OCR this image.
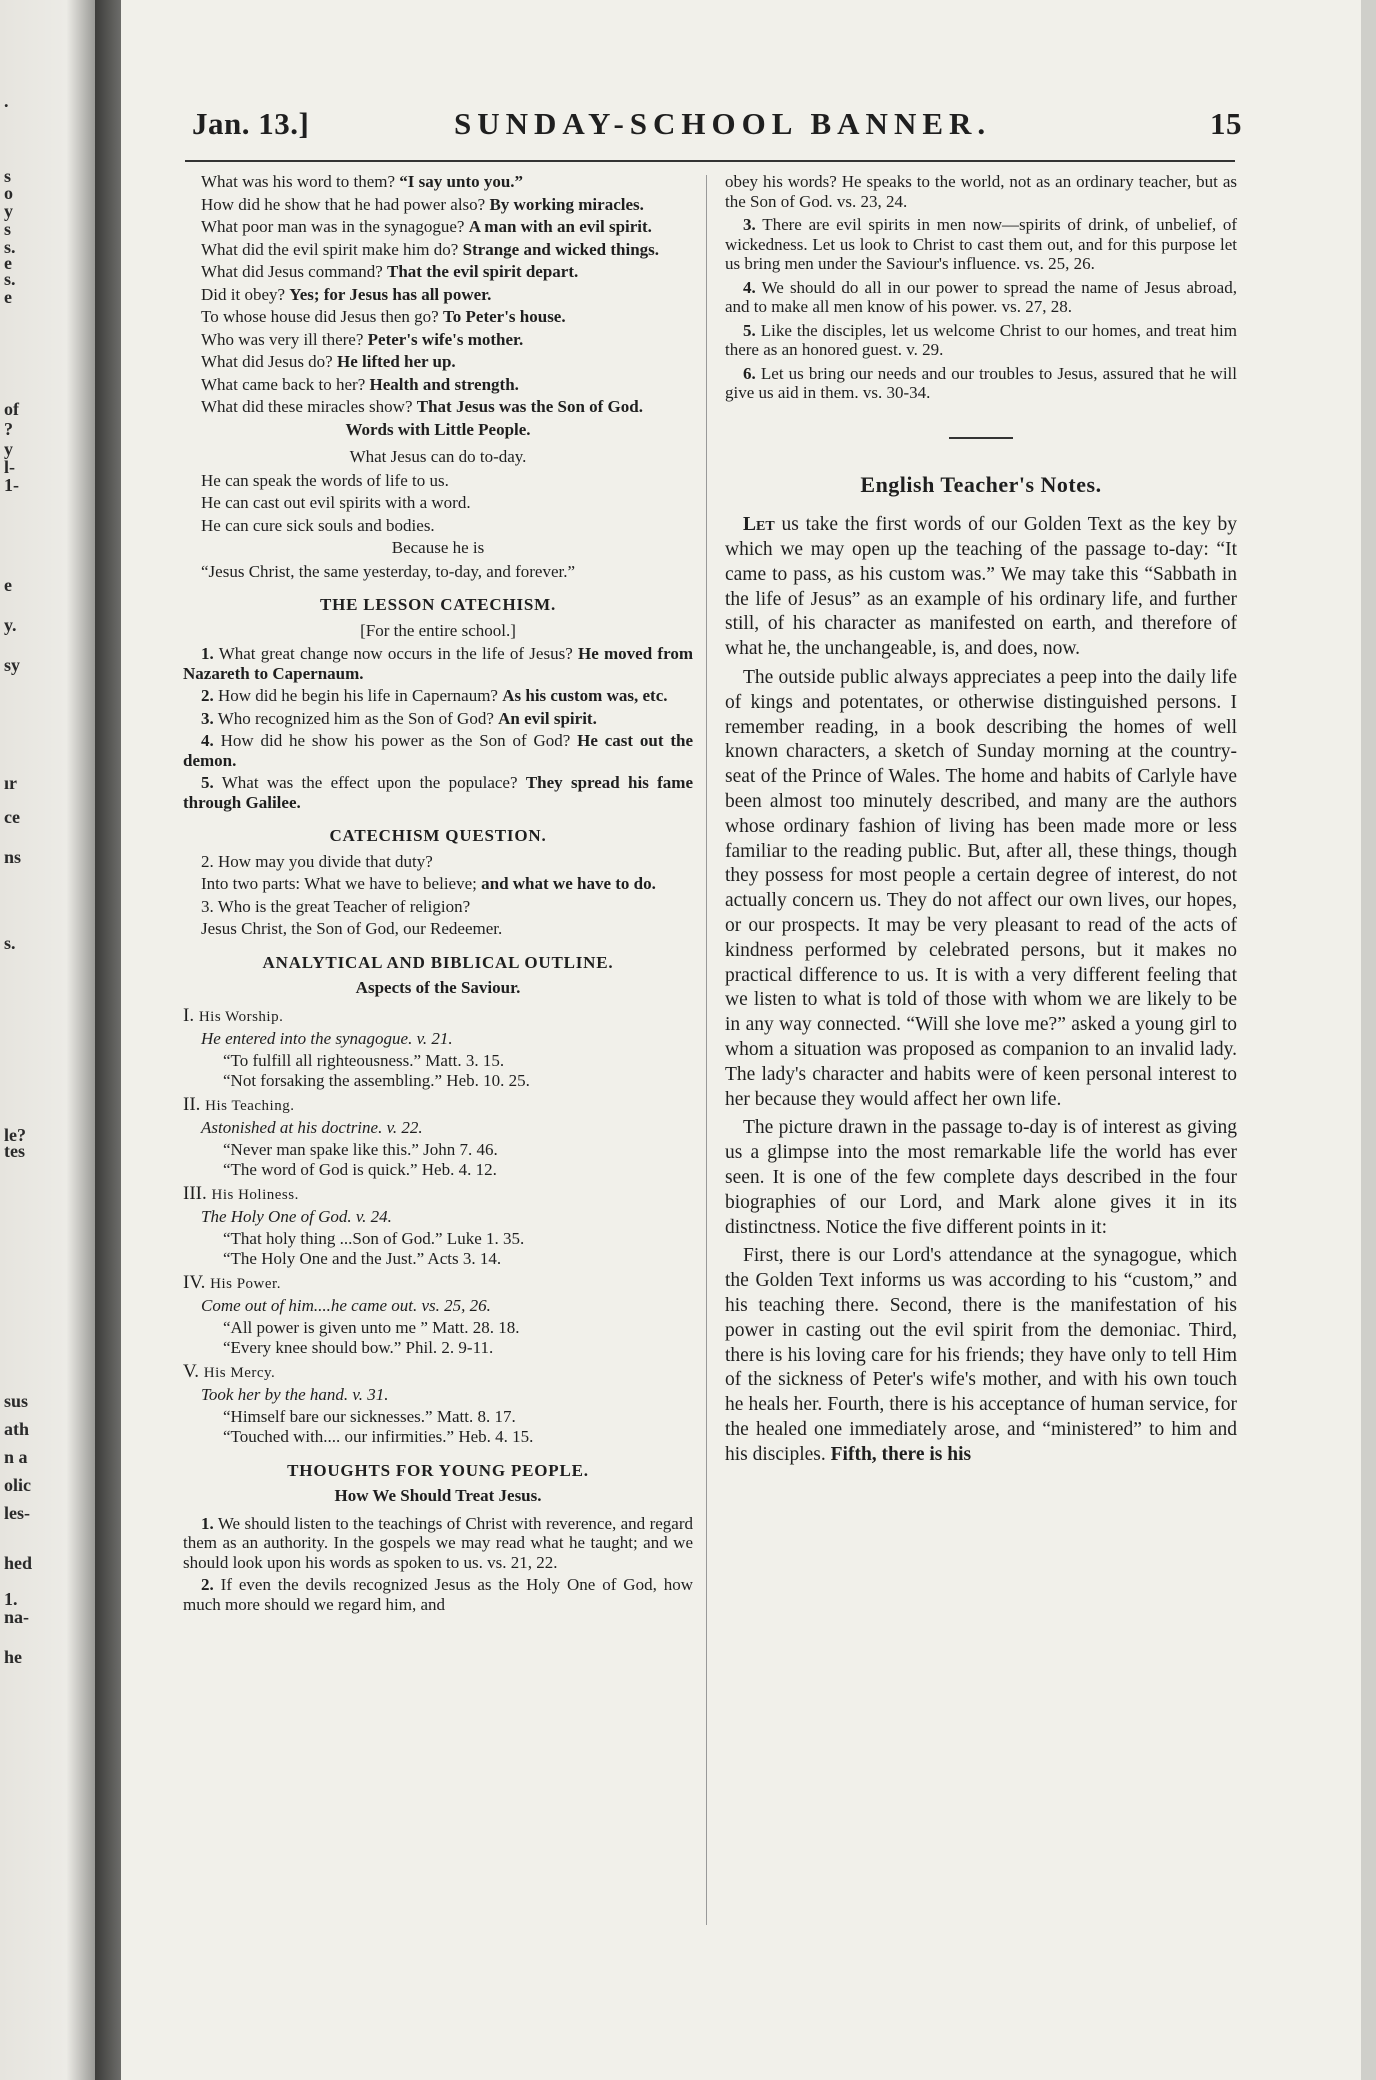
.
s
o
y
s
s.
e
s.
e
of
?
y
l-
1-
e
y.
sy
ır
ce
ns
s.
le?
tes
sus
ath
n a
olic
les-
hed
1.
na-
he
Jan. 13.]	SUNDAY-SCHOOL BANNER.	15

What was his word to them? “I say unto you.”

How did he show that he had power also? By working miracles.

What poor man was in the synagogue? A man with an evil spirit.

What did the evil spirit make him do? Strange and wicked things.

What did Jesus command? That the evil spirit depart.

Did it obey? Yes; for Jesus has all power.

To whose house did Jesus then go? To Peter's house.

Who was very ill there? Peter's wife's mother.

What did Jesus do? He lifted her up.

What came back to her? Health and strength.

What did these miracles show? That Jesus was the Son of God.

Words with Little People.

What Jesus can do to-day.

He can speak the words of life to us.

He can cast out evil spirits with a word.

He can cure sick souls and bodies.

Because he is

“Jesus Christ, the same yesterday, to-day, and forever.”

THE LESSON CATECHISM.

[For the entire school.]

1. What great change now occurs in the life of Jesus? He moved from Nazareth to Capernaum.

2. How did he begin his life in Capernaum? As his custom was, etc.

3. Who recognized him as the Son of God? An evil spirit.

4. How did he show his power as the Son of God? He cast out the demon.

5. What was the effect upon the populace? They spread his fame through Galilee.

CATECHISM QUESTION.

2. How may you divide that duty?

Into two parts: What we have to believe; and what we have to do.

3. Who is the great Teacher of religion?

Jesus Christ, the Son of God, our Redeemer.

ANALYTICAL AND BIBLICAL OUTLINE.

Aspects of the Saviour.

I. His Worship.
He entered into the synagogue. v. 21.
“To fulfill all righteousness.” Matt. 3. 15.
“Not forsaking the assembling.” Heb. 10. 25.
II. His Teaching.
Astonished at his doctrine. v. 22.
“Never man spake like this.” John 7. 46.
“The word of God is quick.” Heb. 4. 12.
III. His Holiness.
The Holy One of God. v. 24.
“That holy thing ...Son of God.” Luke 1. 35.
“The Holy One and the Just.” Acts 3. 14.
IV. His Power.
Come out of him....he came out. vs. 25, 26.
“All power is given unto me ” Matt. 28. 18.
“Every knee should bow.” Phil. 2. 9-11.
V. His Mercy.
Took her by the hand. v. 31.
“Himself bare our sicknesses.” Matt. 8. 17.
“Touched with.... our infirmities.” Heb. 4. 15.

THOUGHTS FOR YOUNG PEOPLE.

How We Should Treat Jesus.

1. We should listen to the teachings of Christ with reverence, and regard them as an authority. In the gospels we may read what he taught; and we should look upon his words as spoken to us. vs. 21, 22.

2. If even the devils recognized Jesus as the Holy One of God, how much more should we regard him, and

obey his words? He speaks to the world, not as an ordinary teacher, but as the Son of God. vs. 23, 24.

3. There are evil spirits in men now—spirits of drink, of unbelief, of wickedness. Let us look to Christ to cast them out, and for this purpose let us bring men under the Saviour's influence. vs. 25, 26.

4. We should do all in our power to spread the name of Jesus abroad, and to make all men know of his power. vs. 27, 28.

5. Like the disciples, let us welcome Christ to our homes, and treat him there as an honored guest. v. 29.

6. Let us bring our needs and our troubles to Jesus, assured that he will give us aid in them. vs. 30-34.

English Teacher's Notes.

Let us take the first words of our Golden Text as the key by which we may open up the teaching of the passage to-day: “It came to pass, as his custom was.” We may take this “Sabbath in the life of Jesus” as an example of his ordinary life, and further still, of his character as manifested on earth, and therefore of what he, the unchangeable, is, and does, now.

The outside public always appreciates a peep into the daily life of kings and potentates, or otherwise distinguished persons. I remember reading, in a book describing the homes of well known characters, a sketch of Sunday morning at the country-seat of the Prince of Wales. The home and habits of Carlyle have been almost too minutely described, and many are the authors whose ordinary fashion of living has been made more or less familiar to the reading public. But, after all, these things, though they possess for most people a certain degree of interest, do not actually concern us. They do not affect our own lives, our hopes, or our prospects. It may be very pleasant to read of the acts of kindness performed by celebrated persons, but it makes no practical difference to us. It is with a very different feeling that we listen to what is told of those with whom we are likely to be in any way connected. “Will she love me?” asked a young girl to whom a situation was proposed as companion to an invalid lady. The lady's character and habits were of keen personal interest to her because they would affect her own life.

The picture drawn in the passage to-day is of interest as giving us a glimpse into the most remarkable life the world has ever seen. It is one of the few complete days described in the four biographies of our Lord, and Mark alone gives it in its distinctness. Notice the five different points in it:

First, there is our Lord's attendance at the synagogue, which the Golden Text informs us was according to his “custom,” and his teaching there. Second, there is the manifestation of his power in casting out the evil spirit from the demoniac. Third, there is his loving care for his friends; they have only to tell Him of the sickness of Peter's wife's mother, and with his own touch he heals her. Fourth, there is his acceptance of human service, for the healed one immediately arose, and “ministered” to him and his disciples. Fifth, there is his
